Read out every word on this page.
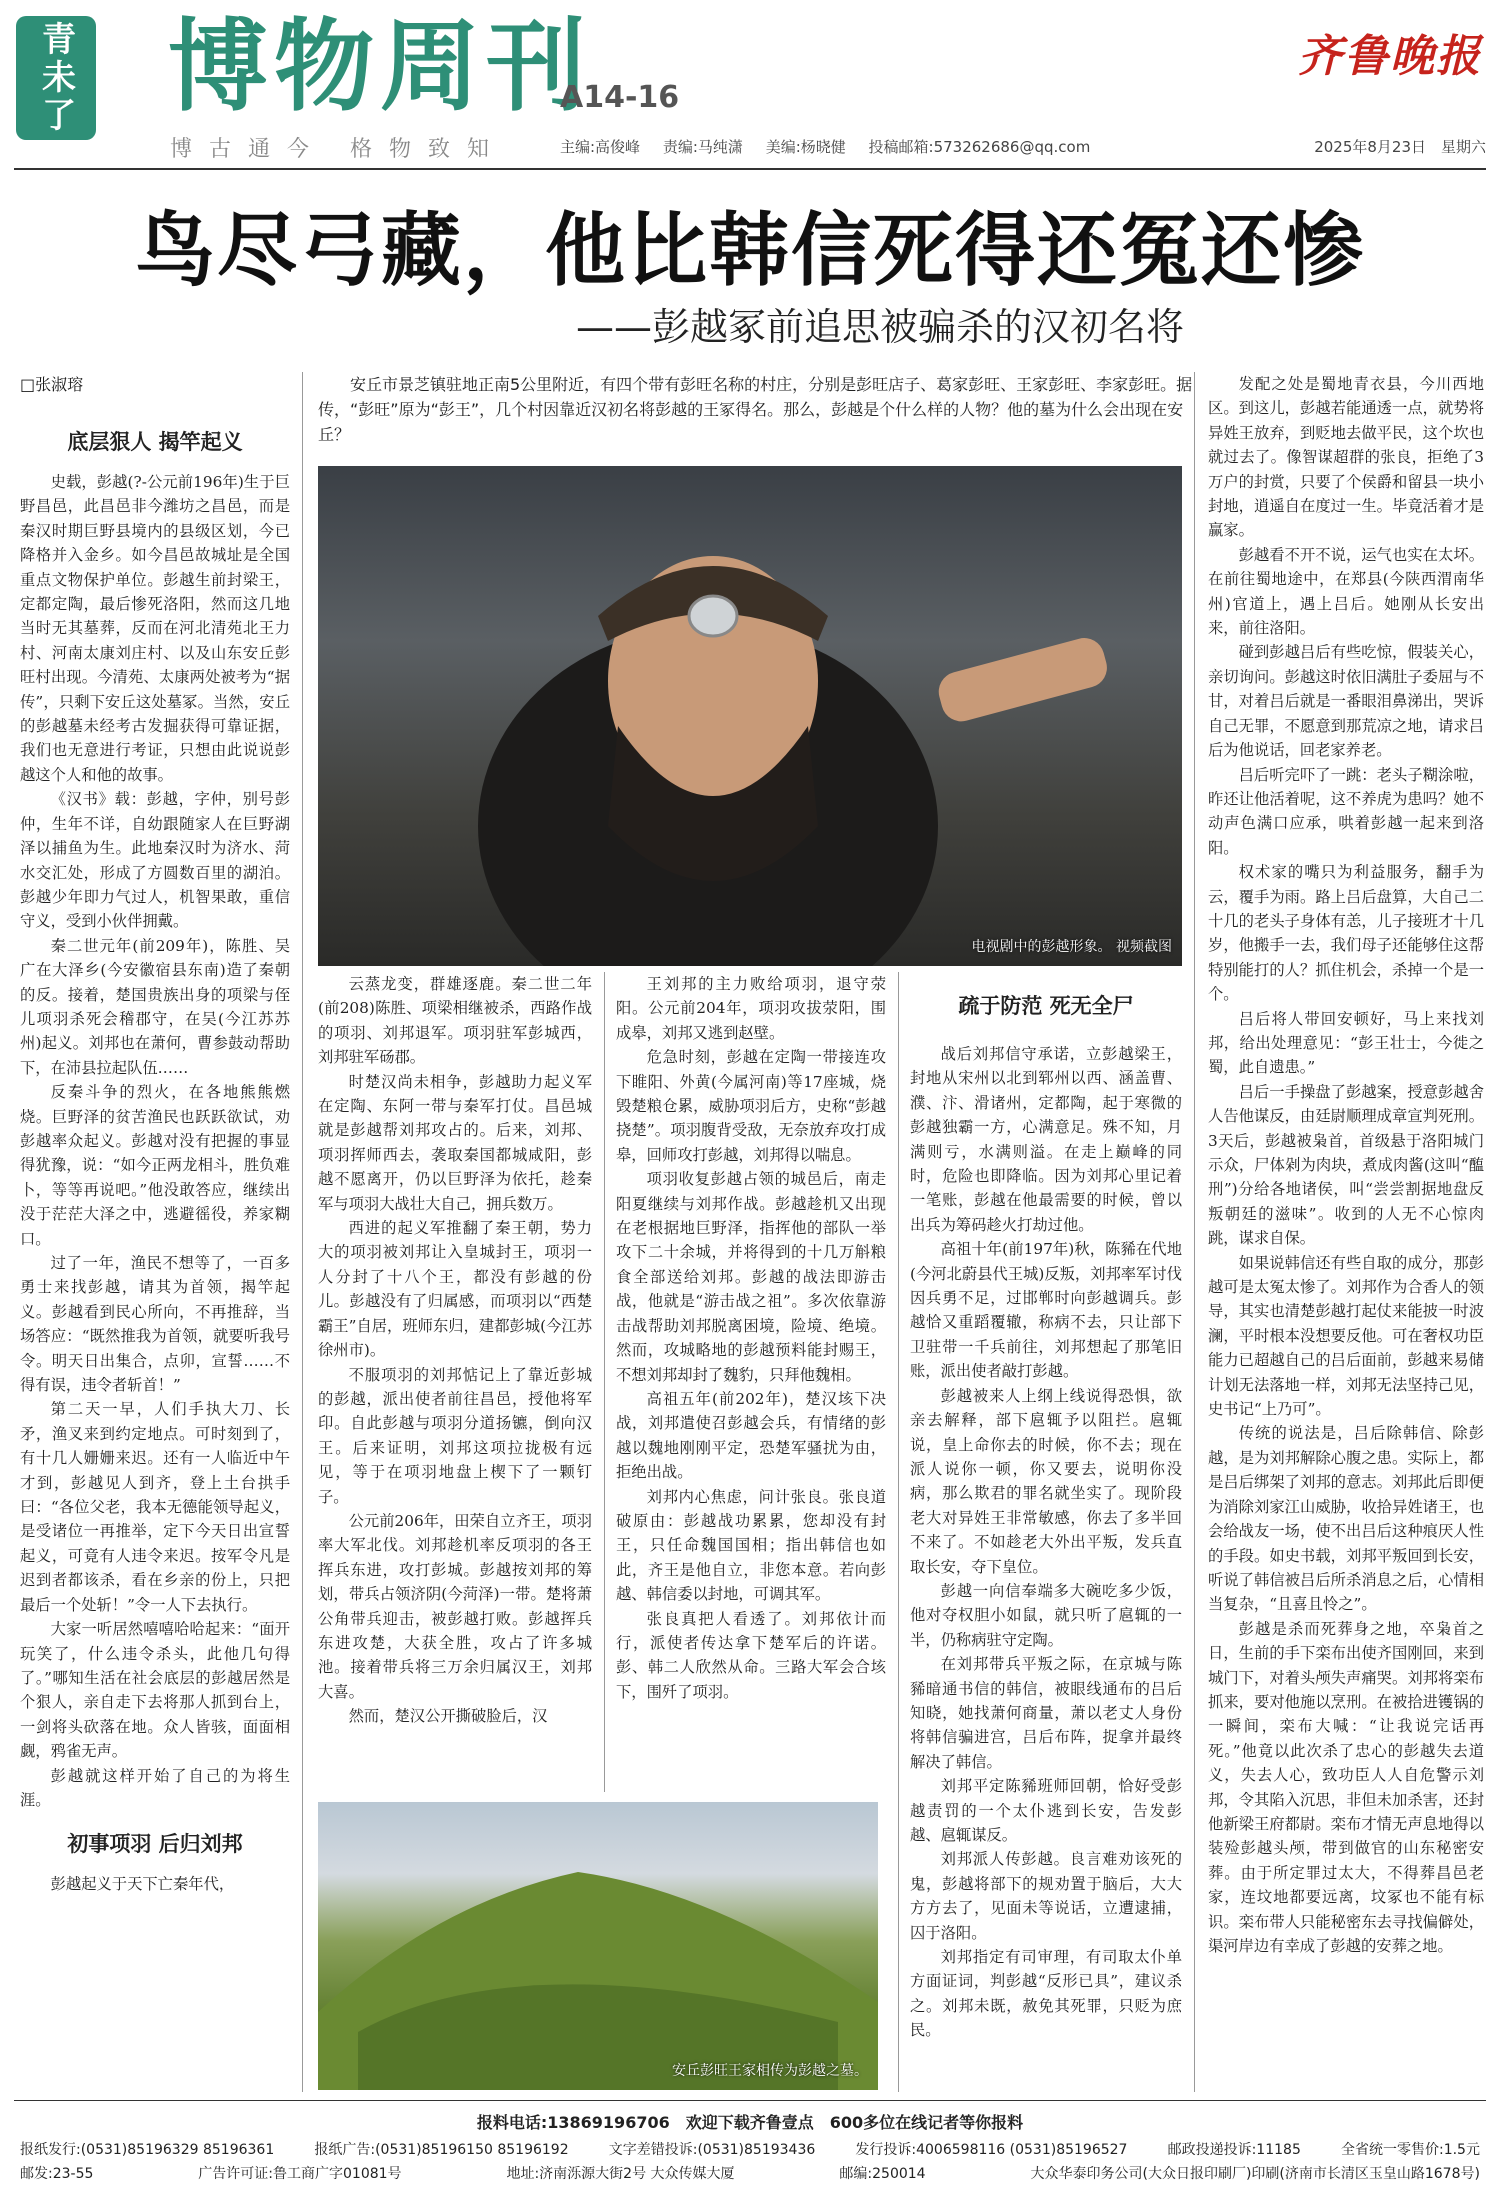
青未了 博物周刊
A14-16
齐鲁晚报
博古通今 格物致知	主编:高俊峰 责编:马纯潇 美编:杨晓健 投稿邮箱:573262686@qq.com	2025年8月23日　星期六
鸟尽弓藏，他比韩信死得还冤还惨
——彭越冢前追思被骗杀的汉初名将
□张淑瑢	安丘市景芝镇驻地正南5公里附近，有四个带有彭旺名称的村庄，分别是彭旺店子、葛家彭旺、王家彭旺、李家彭旺。据传，“彭旺”原为“彭王”，几个村因靠近汉初名将彭越的王冢得名。那么，彭越是个什么样的人物？他的墓为什么会出现在安丘？
底层狠人 揭竿起义

史载，彭越(?-公元前196年)生于巨野昌邑，此昌邑非今潍坊之昌邑，而是秦汉时期巨野县境内的县级区划，今已降格并入金乡。如今昌邑故城址是全国重点文物保护单位。彭越生前封梁王，定都定陶，最后惨死洛阳，然而这几地当时无其墓葬，反而在河北清苑北王力村、河南太康刘庄村、以及山东安丘彭旺村出现。今清苑、太康两处被考为“据传”，只剩下安丘这处墓冢。当然，安丘的彭越墓未经考古发掘获得可靠证据，我们也无意进行考证，只想由此说说彭越这个人和他的故事。

《汉书》载：彭越，字仲，别号彭仲，生年不详，自幼跟随家人在巨野湖泽以捕鱼为生。此地秦汉时为济水、菏水交汇处，形成了方圆数百里的湖泊。彭越少年即力气过人，机智果敢，重信守义，受到小伙伴拥戴。

秦二世元年(前209年)，陈胜、吴广在大泽乡(今安徽宿县东南)造了秦朝的反。接着，楚国贵族出身的项梁与侄儿项羽杀死会稽郡守，在吴(今江苏苏州)起义。刘邦也在萧何，曹参鼓动帮助下，在沛县拉起队伍……

反秦斗争的烈火，在各地熊熊燃烧。巨野泽的贫苦渔民也跃跃欲试，劝彭越率众起义。彭越对没有把握的事显得犹豫，说：“如今正两龙相斗，胜负难卜，等等再说吧。”他没敢答应，继续出没于茫茫大泽之中，逃避徭役，养家糊口。

过了一年，渔民不想等了，一百多勇士来找彭越，请其为首领，揭竿起义。彭越看到民心所向，不再推辞，当场答应：“既然推我为首领，就要听我号令。明天日出集合，点卯，宣誓……不得有误，违令者斩首！”

第二天一早，人们手执大刀、长矛，渔叉来到约定地点。可时刻到了，有十几人姗姗来迟。还有一人临近中午才到，彭越见人到齐，登上土台拱手曰：“各位父老，我本无德能领导起义，是受诸位一再推举，定下今天日出宣誓起义，可竟有人违令来迟。按军令凡是迟到者都该杀，看在乡亲的份上，只把最后一个处斩！”令一人下去执行。

大家一听居然嘻嘻哈哈起来：“面开玩笑了，什么违令杀头，此他几句得了。”哪知生活在社会底层的彭越居然是个狠人，亲自走下去将那人抓到台上，一剑将头砍落在地。众人皆骇，面面相觑，鸦雀无声。

彭越就这样开始了自己的为将生涯。

初事项羽 后归刘邦

彭越起义于天下亡秦年代，

电视剧中的彭越形象。 视频截图

云蒸龙变，群雄逐鹿。秦二世二年(前208)陈胜、项梁相继被杀，西路作战的项羽、刘邦退军。项羽驻军彭城西，刘邦驻军砀郡。

时楚汉尚未相争，彭越助力起义军在定陶、东阿一带与秦军打仗。昌邑城就是彭越帮刘邦攻占的。后来，刘邦、项羽挥师西去，袭取秦国都城咸阳，彭越不愿离开，仍以巨野泽为依托，趁秦军与项羽大战壮大自己，拥兵数万。

西进的起义军推翻了秦王朝，势力大的项羽被刘邦让入皇城封王，项羽一人分封了十八个王，都没有彭越的份儿。彭越没有了归属感，而项羽以“西楚霸王”自居，班师东归，建都彭城(今江苏徐州市)。

不服项羽的刘邦惦记上了靠近彭城的彭越，派出使者前往昌邑，授他将军印。自此彭越与项羽分道扬镳，倒向汉王。后来证明，刘邦这项拉拢极有远见，等于在项羽地盘上楔下了一颗钉子。

公元前206年，田荣自立齐王，项羽率大军北伐。刘邦趁机率反项羽的各王挥兵东进，攻打彭城。彭越按刘邦的筹划，带兵占领济阴(今菏泽)一带。楚将萧公角带兵迎击，被彭越打败。彭越挥兵东进攻楚，大获全胜，攻占了许多城池。接着带兵将三万余归属汉王，刘邦大喜。

然而，楚汉公开撕破脸后，汉

王刘邦的主力败给项羽，退守荥阳。公元前204年，项羽攻拔荥阳，围成皋，刘邦又逃到赵壁。

危急时刻，彭越在定陶一带接连攻下睢阳、外黄(今属河南)等17座城，烧毁楚粮仓累，威胁项羽后方，史称“彭越挠楚”。项羽腹背受敌，无奈放弃攻打成皋，回师攻打彭越，刘邦得以喘息。

项羽收复彭越占领的城邑后，南走阳夏继续与刘邦作战。彭越趁机又出现在老根据地巨野泽，指挥他的部队一举攻下二十余城，并将得到的十几万斛粮食全部送给刘邦。彭越的战法即游击战，他就是“游击战之祖”。多次依靠游击战帮助刘邦脱离困境，险境、绝境。然而，攻城略地的彭越预料能封赐王，不想刘邦却封了魏豹，只拜他魏相。

高祖五年(前202年)，楚汉垓下决战，刘邦遣使召彭越会兵，有情绪的彭越以魏地刚刚平定，恐楚军骚扰为由，拒绝出战。

刘邦内心焦虑，问计张良。张良道破原由：彭越战功累累，您却没有封王，只任命魏国国相；指出韩信也如此，齐王是他自立，非您本意。若向彭越、韩信委以封地，可调其军。

张良真把人看透了。刘邦依计而行，派使者传达拿下楚军后的许诺。彭、韩二人欣然从命。三路大军会合垓下，围歼了项羽。

安丘彭旺王家相传为彭越之墓。
疏于防范 死无全尸

战后刘邦信守承诺，立彭越梁王，封地从宋州以北到郓州以西、涵盖曹、濮、汴、滑诸州，定都陶，起于寒微的彭越独霸一方，心满意足。殊不知，月满则亏，水满则溢。在走上巅峰的同时，危险也即降临。因为刘邦心里记着一笔账，彭越在他最需要的时候，曾以出兵为筹码趁火打劫过他。

高祖十年(前197年)秋，陈豨在代地(今河北蔚县代王城)反叛，刘邦率军讨伐因兵勇不足，过邯郸时向彭越调兵。彭越恰又重蹈覆辙，称病不去，只让部下卫驻带一千兵前往，刘邦想起了那笔旧账，派出使者敲打彭越。

彭越被来人上纲上线说得恐惧，欲亲去解释，部下扈辄予以阻拦。扈辄说，皇上命你去的时候，你不去；现在派人说你一顿，你又要去，说明你没病，那么欺君的罪名就坐实了。现阶段老大对异姓王非常敏感，你去了多半回不来了。不如趁老大外出平叛，发兵直取长安，夺下皇位。

彭越一向信奉端多大碗吃多少饭，他对夺权胆小如鼠，就只听了扈辄的一半，仍称病驻守定陶。

在刘邦带兵平叛之际，在京城与陈豨暗通书信的韩信，被眼线通布的吕后知晓，她找萧何商量，萧以老丈人身份将韩信骗进宫，吕后布阵，捉拿并最终解决了韩信。

刘邦平定陈豨班师回朝，恰好受彭越责罚的一个太仆逃到长安，告发彭越、扈辄谋反。

刘邦派人传彭越。良言难劝该死的鬼，彭越将部下的规劝置于脑后，大大方方去了，见面未等说话，立遭逮捕，囚于洛阳。

刘邦指定有司审理，有司取太仆单方面证词，判彭越“反形已具”，建议杀之。刘邦未既，赦免其死罪，只贬为庶民。

发配之处是蜀地青衣县，今川西地区。到这儿，彭越若能通透一点，就势将异姓王放弃，到贬地去做平民，这个坎也就过去了。像智谋超群的张良，拒绝了3万户的封赏，只要了个侯爵和留县一块小封地，逍遥自在度过一生。毕竟活着才是赢家。

彭越看不开不说，运气也实在太坏。在前往蜀地途中，在郑县(今陕西渭南华州)官道上，遇上吕后。她刚从长安出来，前往洛阳。

碰到彭越吕后有些吃惊，假装关心，亲切询问。彭越这时依旧满肚子委屈与不甘，对着吕后就是一番眼泪鼻涕出，哭诉自己无罪，不愿意到那荒凉之地，请求吕后为他说话，回老家养老。

吕后听完吓了一跳：老头子糊涂啦，昨还让他活着呢，这不养虎为患吗？她不动声色满口应承，哄着彭越一起来到洛阳。

权术家的嘴只为利益服务，翻手为云，覆手为雨。路上吕后盘算，大自己二十几的老头子身体有恙，儿子接班才十几岁，他搬手一去，我们母子还能够住这帮特别能打的人？抓住机会，杀掉一个是一个。

吕后将人带回安顿好，马上来找刘邦，给出处理意见：“彭王壮士，今徙之蜀，此自遗患。”

吕后一手操盘了彭越案，授意彭越舍人告他谋反，由廷尉顺理成章宣判死刑。3天后，彭越被枭首，首级悬于洛阳城门示众，尸体剁为肉块，煮成肉酱(这叫“醢刑”)分给各地诸侯，叫“尝尝割据地盘反叛朝廷的滋味”。收到的人无不心惊肉跳，谋求自保。

如果说韩信还有些自取的成分，那彭越可是太冤太惨了。刘邦作为合香人的领导，其实也清楚彭越打起仗来能披一时波澜，平时根本没想要反他。可在奢权功臣能力已超越自己的吕后面前，彭越来易储计划无法落地一样，刘邦无法坚持己见，史书记“上乃可”。

传统的说法是，吕后除韩信、除彭越，是为刘邦解除心腹之患。实际上，都是吕后绑架了刘邦的意志。刘邦此后即便为消除刘家江山威胁，收拾异姓诸王，也会给战友一场，使不出吕后这种痕厌人性的手段。如史书载，刘邦平叛回到长安，听说了韩信被吕后所杀消息之后，心情相当复杂，“且喜且怜之”。

彭越是杀而死葬身之地，卒枭首之日，生前的手下栾布出使齐国刚回，来到城门下，对着头颅失声痛哭。刘邦将栾布抓来，要对他施以烹刑。在被拾进镬锅的一瞬间，栾布大喊：“让我说完话再死。”他竟以此次杀了忠心的彭越失去道义，失去人心，致功臣人人自危警示刘邦，令其陷入沉思，非但未加杀害，还封他新梁王府都尉。栾布才情无声息地得以装殓彭越头颅，带到做官的山东秘密安葬。由于所定罪过太大，不得葬昌邑老家，连坟地都要远离，坟冢也不能有标识。栾布带人只能秘密东去寻找偏僻处，渠河岸边有幸成了彭越的安葬之地。

报料电话:13869196706　欢迎下载齐鲁壹点　600多位在线记者等你报料
报纸发行:(0531)85196329 85196361	报纸广告:(0531)85196150 85196192	文字差错投诉:(0531)85193436	发行投诉:4006598116 (0531)85196527	邮政投递投诉:11185	全省统一零售价:1.5元
邮发:23-55	广告许可证:鲁工商广字01081号	地址:济南泺源大街2号 大众传媒大厦	邮编:250014	大众华泰印务公司(大众日报印刷厂)印刷(济南市长清区玉皇山路1678号)
